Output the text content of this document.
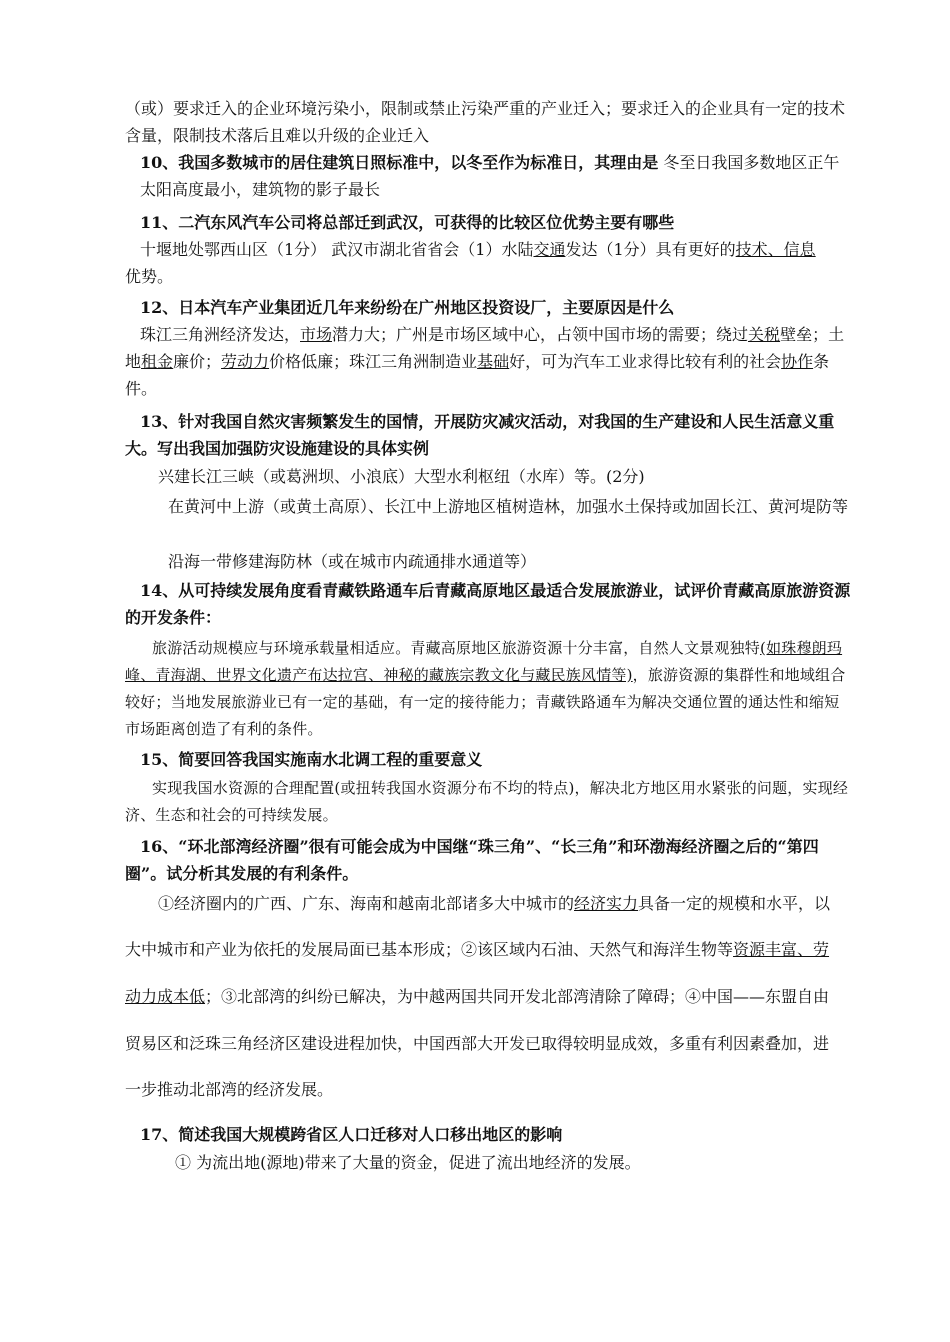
（或）要求迁入的企业环境污染小，限制或禁止污染严重的产业迁入；要求迁入的企业具有一定的技术含量，限制技术落后且难以升级的企业迁入

10、我国多数城市的居住建筑日照标准中，以冬至作为标准日，其理由是 冬至日我国多数地区正午太阳高度最小，建筑物的影子最长

11、二汽东风汽车公司将总部迁到武汉，可获得的比较区位优势主要有哪些

十堰地处鄂西山区（1分） 武汉市湖北省省会（1）水陆交通发达（1分）具有更好的技术、信息
优势。

12、日本汽车产业集团近几年来纷纷在广州地区投资设厂，主要原因是什么

珠江三角洲经济发达，市场潜力大；广州是市场区域中心，占领中国市场的需要；绕过关税壁垒；土地租金廉价；劳动力价格低廉；珠江三角洲制造业基础好，可为汽车工业求得比较有利的社会协作条件。

13、针对我国自然灾害频繁发生的国情，开展防灾减灾活动，对我国的生产建设和人民生活意义重大。写出我国加强防灾设施建设的具体实例

兴建长江三峡（或葛洲坝、小浪底）大型水利枢纽（水库）等。(2分)

在黄河中上游（或黄土高原）、长江中上游地区植树造林，加强水土保持或加固长江、黄河堤防等

沿海一带修建海防林（或在城市内疏通排水通道等）

14、从可持续发展角度看青藏铁路通车后青藏高原地区最适合发展旅游业，试评价青藏高原旅游资源的开发条件：

旅游活动规模应与环境承载量相适应。青藏高原地区旅游资源十分丰富，自然人文景观独特(如珠穆朗玛峰、青海湖、世界文化遗产布达拉宫、神秘的藏族宗教文化与藏民族风情等)，旅游资源的集群性和地域组合较好；当地发展旅游业已有一定的基础，有一定的接待能力；青藏铁路通车为解决交通位置的通达性和缩短市场距离创造了有利的条件。

15、简要回答我国实施南水北调工程的重要意义

实现我国水资源的合理配置(或扭转我国水资源分布不均的特点)，解决北方地区用水紧张的问题，实现经济、生态和社会的可持续发展。

16、“环北部湾经济圈”很有可能会成为中国继“珠三角”、“长三角”和环渤海经济圈之后的“第四圈”。试分析其发展的有利条件。

①经济圈内的广西、广东、海南和越南北部诸多大中城市的经济实力具备一定的规模和水平，以

大中城市和产业为依托的发展局面已基本形成；②该区域内石油、天然气和海洋生物等资源丰富、劳

动力成本低；③北部湾的纠纷已解决，为中越两国共同开发北部湾清除了障碍；④中国——东盟自由

贸易区和泛珠三角经济区建设进程加快，中国西部大开发已取得较明显成效，多重有利因素叠加，进

一步推动北部湾的经济发展。

17、简述我国大规模跨省区人口迁移对人口移出地区的影响

① 为流出地(源地)带来了大量的资金，促进了流出地经济的发展。
